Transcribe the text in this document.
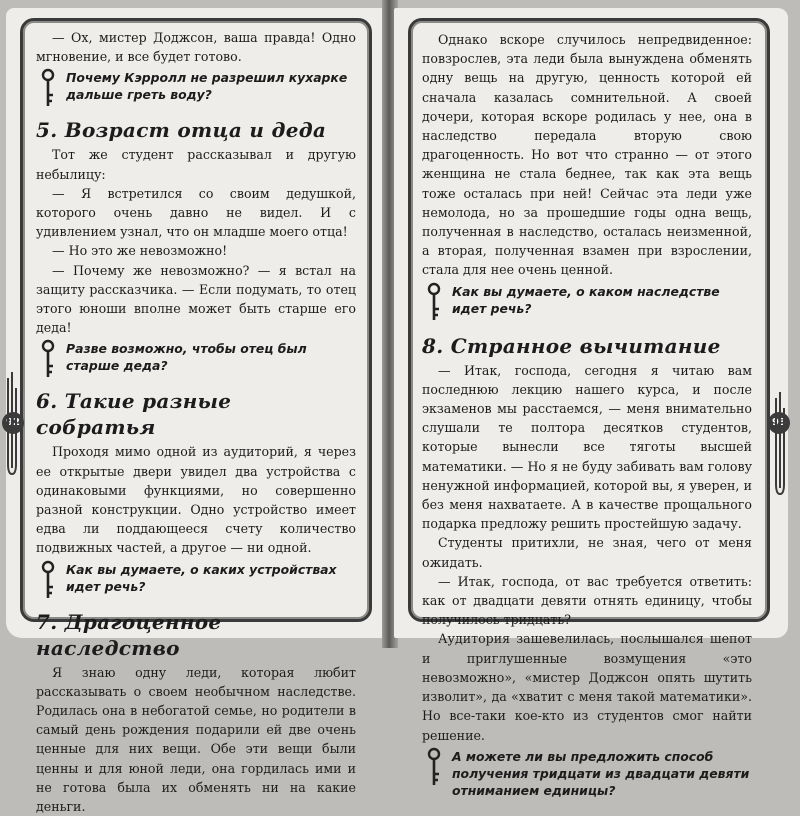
92

— Ох, мистер Доджсон, ваша правда! Одно мгновение, и все будет готово.

Почему Кэрролл не разрешил кухарке дальше греть воду?
5. Возраст отца и деда

Тот же студент рассказывал и другую небылицу:

— Я встретился со своим дедушкой, которого очень давно не видел. И с удивлением узнал, что он младше моего отца!

— Но это же невозможно!

— Почему же невозможно? — я встал на защиту рассказчика. — Если подумать, то отец этого юноши вполне может быть старше его деда!

Разве возможно, чтобы отец был старше деда?
6. Такие разные собратья

Проходя мимо одной из аудиторий, я через ее открытые двери увидел два устройства с одинаковыми функциями, но совершенно разной конструкции. Одно устройство имеет едва ли поддающееся счету количество подвижных частей, а другое — ни одной.

Как вы думаете, о каких устройствах идет речь?
7. Драгоценное наследство

Я знаю одну леди, которая любит рассказывать о своем необычном наследстве. Родилась она в небогатой семье, но родители в самый день рождения подарили ей две очень ценные для них вещи. Обе эти вещи были ценны и для юной леди, она гордилась ими и не готова была их обменять ни на какие деньги.

93

Однако вскоре случилось непредвиденное: повзрослев, эта леди была вынуждена обменять одну вещь на другую, ценность которой ей сначала казалась сомнительной. А своей дочери, которая вскоре родилась у нее, она в наследство передала вторую свою драгоценность. Но вот что странно — от этого женщина не стала беднее, так как эта вещь тоже осталась при ней! Сейчас эта леди уже немолода, но за прошедшие годы одна вещь, полученная в наследство, осталась неизменной, а вторая, полученная взамен при взрослении, стала для нее очень ценной.

Как вы думаете, о каком наследстве идет речь?
8. Странное вычитание

— Итак, господа, сегодня я читаю вам последнюю лекцию нашего курса, и после экзаменов мы расстаемся, — меня внимательно слушали те полтора десятков студентов, которые вынесли все тяготы высшей математики. — Но я не буду забивать вам голову ненужной информацией, которой вы, я уверен, и без меня нахватаете. А в качестве прощального подарка предложу решить простейшую задачу.

Студенты притихли, не зная, чего от меня ожидать.

— Итак, господа, от вас требуется ответить: как от двадцати девяти отнять единицу, чтобы получилось тридцать?

Аудитория зашевелилась, послышался шепот и приглушенные возмущения «это невозможно», «мистер Доджсон опять шутить изволит», да «хватит с меня такой математики». Но все-таки кое-кто из студентов смог найти решение.

А можете ли вы предложить способ получения тридцати из двадцати девяти отниманием единицы?
